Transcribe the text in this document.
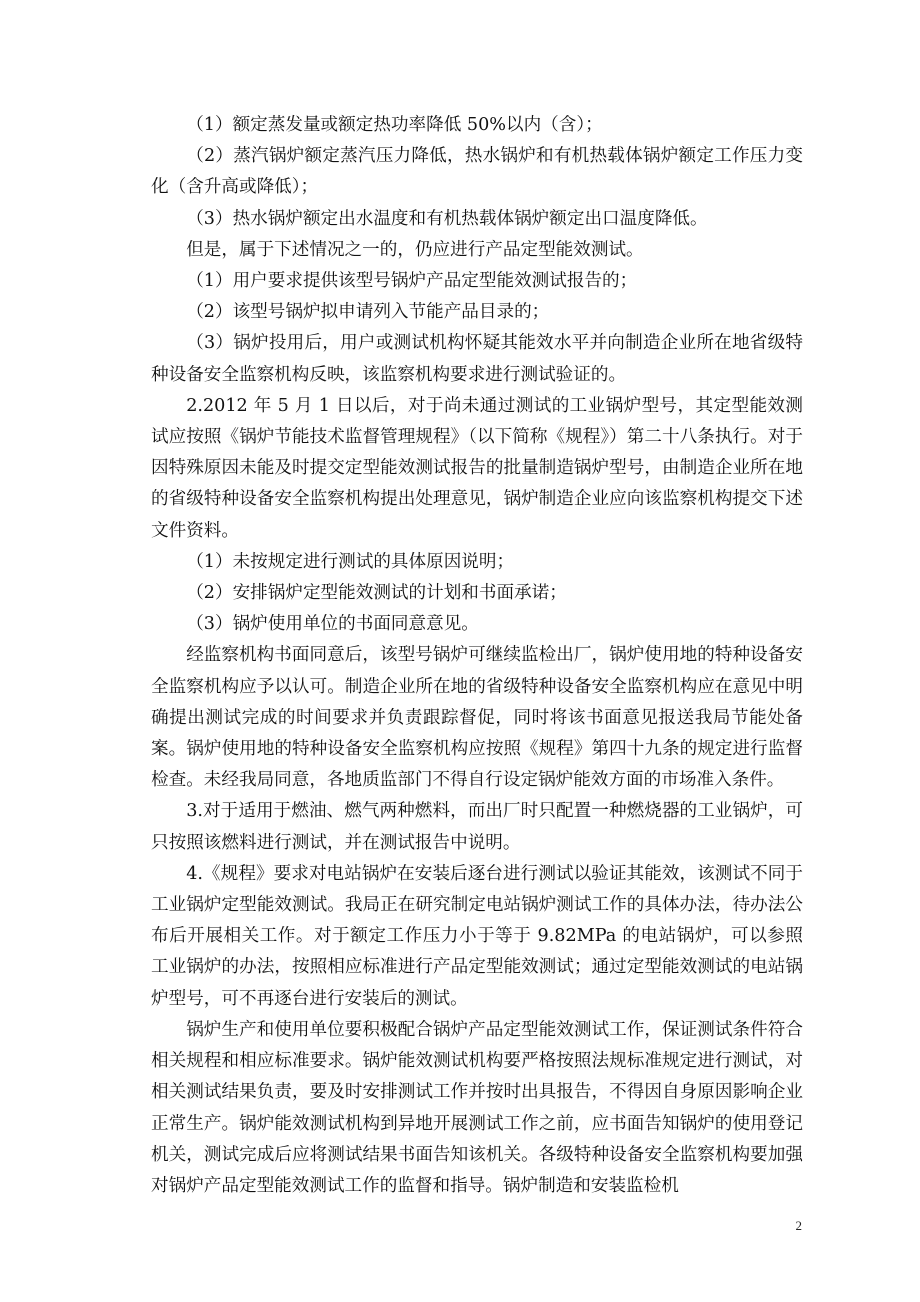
（1）额定蒸发量或额定热功率降低 50%以内（含）；

（2）蒸汽锅炉额定蒸汽压力降低，热水锅炉和有机热载体锅炉额定工作压力变化（含升高或降低）；

（3）热水锅炉额定出水温度和有机热载体锅炉额定出口温度降低。

但是，属于下述情况之一的，仍应进行产品定型能效测试。

（1）用户要求提供该型号锅炉产品定型能效测试报告的；

（2）该型号锅炉拟申请列入节能产品目录的；

（3）锅炉投用后，用户或测试机构怀疑其能效水平并向制造企业所在地省级特种设备安全监察机构反映，该监察机构要求进行测试验证的。

2.2012 年 5 月 1 日以后，对于尚未通过测试的工业锅炉型号，其定型能效测试应按照《锅炉节能技术监督管理规程》（以下简称《规程》）第二十八条执行。对于因特殊原因未能及时提交定型能效测试报告的批量制造锅炉型号，由制造企业所在地的省级特种设备安全监察机构提出处理意见，锅炉制造企业应向该监察机构提交下述文件资料。

（1）未按规定进行测试的具体原因说明；

（2）安排锅炉定型能效测试的计划和书面承诺；

（3）锅炉使用单位的书面同意意见。

经监察机构书面同意后，该型号锅炉可继续监检出厂，锅炉使用地的特种设备安全监察机构应予以认可。制造企业所在地的省级特种设备安全监察机构应在意见中明确提出测试完成的时间要求并负责跟踪督促，同时将该书面意见报送我局节能处备案。锅炉使用地的特种设备安全监察机构应按照《规程》第四十九条的规定进行监督检查。未经我局同意，各地质监部门不得自行设定锅炉能效方面的市场准入条件。

3.对于适用于燃油、燃气两种燃料，而出厂时只配置一种燃烧器的工业锅炉，可只按照该燃料进行测试，并在测试报告中说明。

4.《规程》要求对电站锅炉在安装后逐台进行测试以验证其能效，该测试不同于工业锅炉定型能效测试。我局正在研究制定电站锅炉测试工作的具体办法，待办法公布后开展相关工作。对于额定工作压力小于等于 9.82MPa 的电站锅炉，可以参照工业锅炉的办法，按照相应标准进行产品定型能效测试；通过定型能效测试的电站锅炉型号，可不再逐台进行安装后的测试。

锅炉生产和使用单位要积极配合锅炉产品定型能效测试工作，保证测试条件符合相关规程和相应标准要求。锅炉能效测试机构要严格按照法规标准规定进行测试，对相关测试结果负责，要及时安排测试工作并按时出具报告，不得因自身原因影响企业正常生产。锅炉能效测试机构到异地开展测试工作之前，应书面告知锅炉的使用登记机关，测试完成后应将测试结果书面告知该机关。各级特种设备安全监察机构要加强对锅炉产品定型能效测试工作的监督和指导。锅炉制造和安装监检机

2
